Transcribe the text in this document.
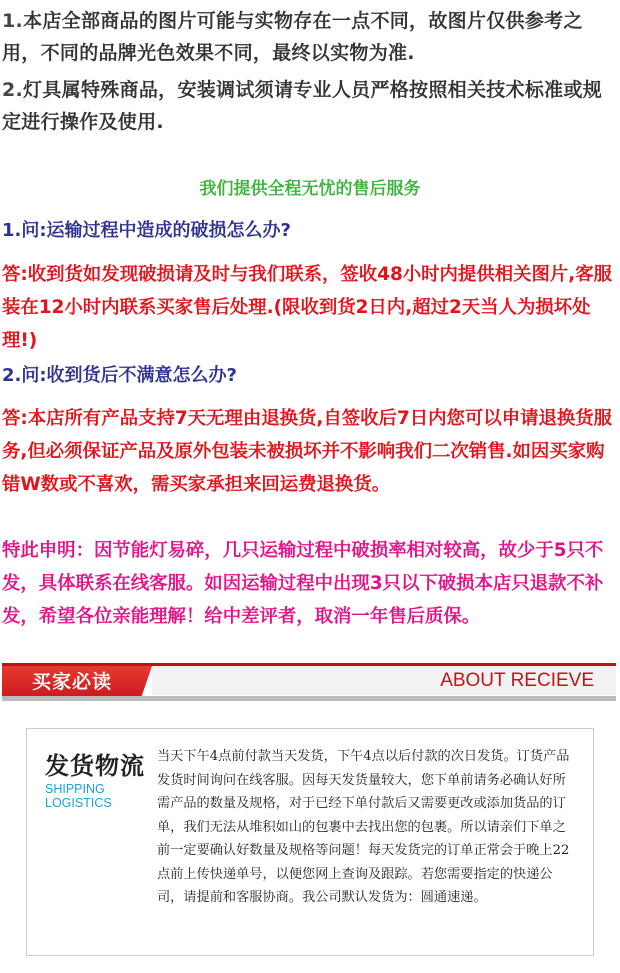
1.本店全部商品的图片可能与实物存在一点不同，故图片仅供参考之用，不同的品牌光色效果不同，最终以实物为准.

2.灯具属特殊商品，安装调试须请专业人员严格按照相关技术标准或规定进行操作及使用.

我们提供全程无忧的售后服务

1.问:运输过程中造成的破损怎么办?

答:收到货如发现破损请及时与我们联系，签收48小时内提供相关图片,客服装在12小时内联系买家售后处理.(限收到货2日内,超过2天当人为损坏处理!)

2.问:收到货后不满意怎么办?

答:本店所有产品支持7天无理由退换货,自签收后7日内您可以申请退换货服务,但必须保证产品及原外包装未被损坏并不影响我们二次销售.如因买家购错W数或不喜欢，需买家承担来回运费退换货。

特此申明：因节能灯易碎，几只运输过程中破损率相对较高，故少于5只不发，具体联系在线客服。如因运输过程中出现3只以下破损本店只退款不补发，希望各位亲能理解！给中差评者，取消一年售后质保。

买家必读	ABOUT RECIEVE
发货物流
SHIPPING
LOGISTICS

当天下午4点前付款当天发货，下午4点以后付款的次日发货。订货产品发货时间询问在线客服。因每天发货量较大，您下单前请务必确认好所需产品的数量及规格，对于已经下单付款后又需要更改或添加货品的订单，我们无法从堆积如山的包裹中去找出您的包裹。所以请亲们下单之前一定要确认好数量及规格等问题！每天发货完的订单正常会于晚上22点前上传快递单号，以便您网上查询及跟踪。若您需要指定的快递公司，请提前和客服协商。我公司默认发货为：圆通速递。
